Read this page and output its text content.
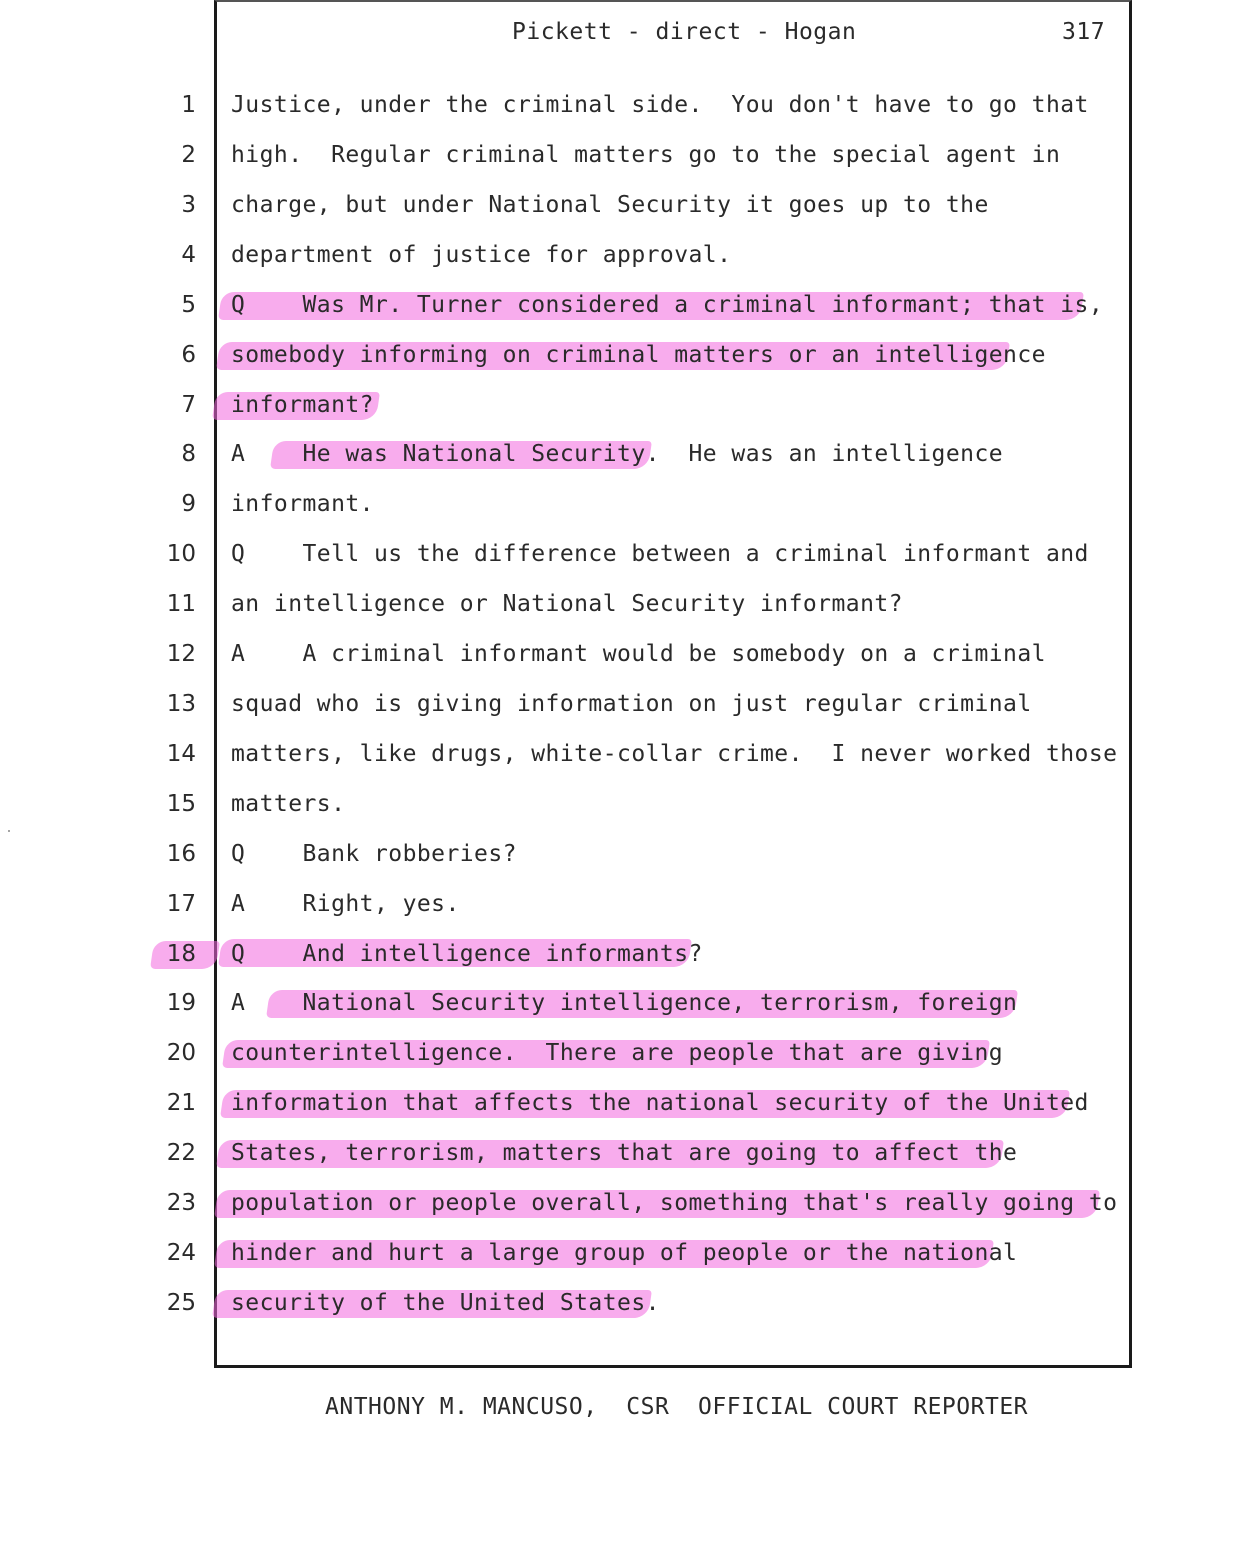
Pickett - direct - Hogan	317
1 Justice, under the criminal side.  You don't have to go that
2 high.  Regular criminal matters go to the special agent in
3 charge, but under National Security it goes up to the
4 department of justice for approval.
5 Q    Was Mr. Turner considered a criminal informant; that is,
6 somebody informing on criminal matters or an intelligence
7 informant?
8 A    He was National Security.  He was an intelligence
9 informant.
10 Q    Tell us the difference between a criminal informant and
11 an intelligence or National Security informant?
12 A    A criminal informant would be somebody on a criminal
13 squad who is giving information on just regular criminal
14 matters, like drugs, white-collar crime.  I never worked those
15 matters.
16 Q    Bank robberies?
17 A    Right, yes.
18 Q    And intelligence informants?
19 A    National Security intelligence, terrorism, foreign
20 counterintelligence.  There are people that are giving
21 information that affects the national security of the United
22 States, terrorism, matters that are going to affect the
23 population or people overall, something that's really going to
24 hinder and hurt a large group of people or the national
25 security of the United States.
ANTHONY M. MANCUSO,  CSR  OFFICIAL COURT REPORTER
